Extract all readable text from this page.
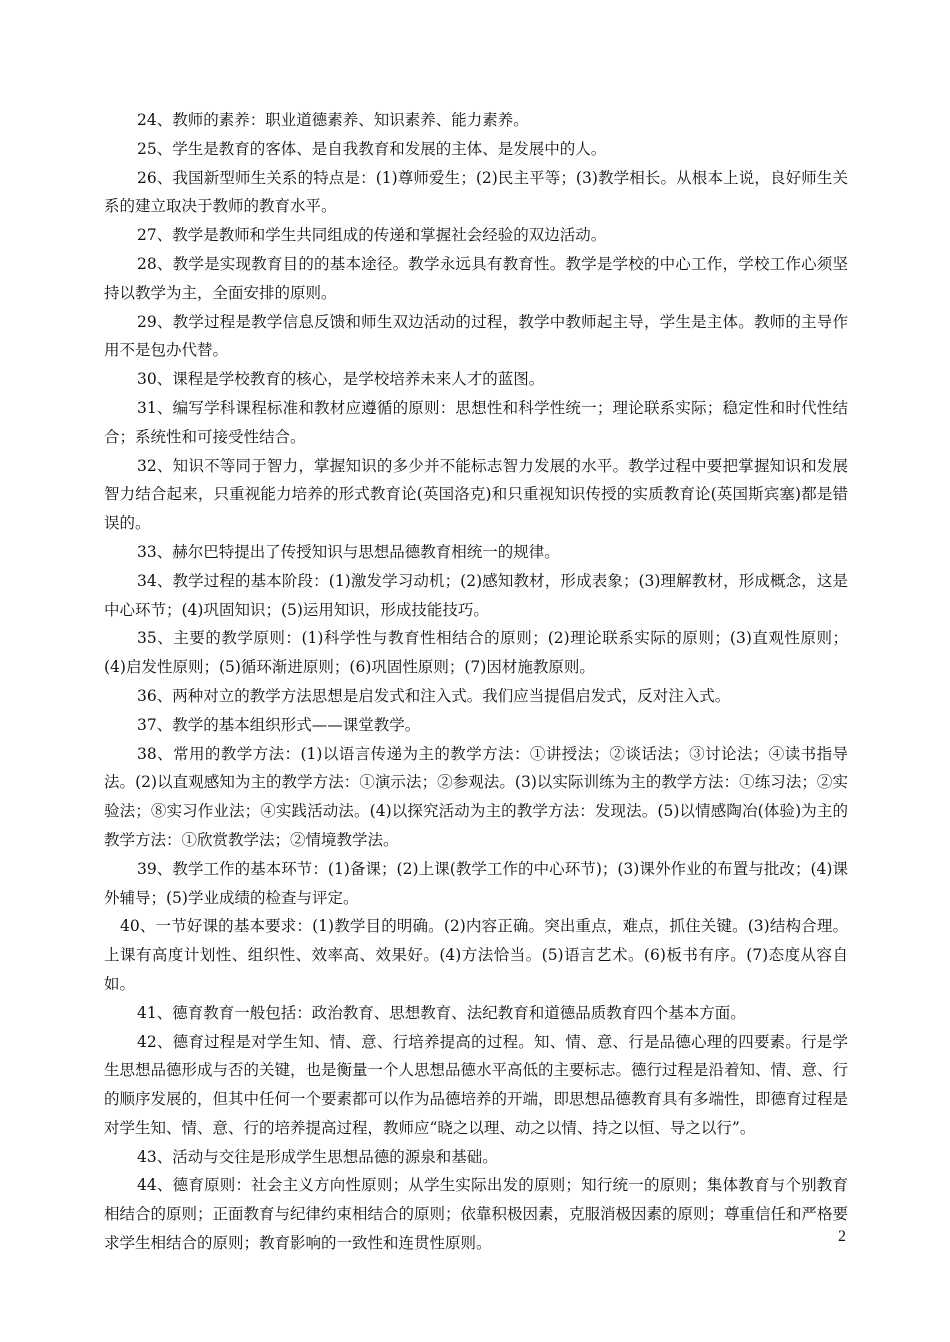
24、教师的素养：职业道德素养、知识素养、能力素养。

25、学生是教育的客体、是自我教育和发展的主体、是发展中的人。

26、我国新型师生关系的特点是：(1)尊师爱生；(2)民主平等；(3)教学相长。从根本上说，良好师生关系的建立取决于教师的教育水平。

27、教学是教师和学生共同组成的传递和掌握社会经验的双边活动。

28、教学是实现教育目的的基本途径。教学永远具有教育性。教学是学校的中心工作，学校工作心须坚持以教学为主，全面安排的原则。

29、教学过程是教学信息反馈和师生双边活动的过程，教学中教师起主导，学生是主体。教师的主导作用不是包办代替。

30、课程是学校教育的核心，是学校培养未来人才的蓝图。

31、编写学科课程标准和教材应遵循的原则：思想性和科学性统一；理论联系实际；稳定性和时代性结合；系统性和可接受性结合。

32、知识不等同于智力，掌握知识的多少并不能标志智力发展的水平。教学过程中要把掌握知识和发展智力结合起来，只重视能力培养的形式教育论(英国洛克)和只重视知识传授的实质教育论(英国斯宾塞)都是错误的。

33、赫尔巴特提出了传授知识与思想品德教育相统一的规律。

34、教学过程的基本阶段：(1)激发学习动机；(2)感知教材，形成表象；(3)理解教材，形成概念，这是中心环节；(4)巩固知识；(5)运用知识，形成技能技巧。

35、主要的教学原则：(1)科学性与教育性相结合的原则；(2)理论联系实际的原则；(3)直观性原则；(4)启发性原则；(5)循环渐进原则；(6)巩固性原则；(7)因材施教原则。

36、两种对立的教学方法思想是启发式和注入式。我们应当提倡启发式，反对注入式。

37、教学的基本组织形式——课堂教学。

38、常用的教学方法：(1)以语言传递为主的教学方法：①讲授法；②谈话法；③讨论法；④读书指导法。(2)以直观感知为主的教学方法：①演示法；②参观法。(3)以实际训练为主的教学方法：①练习法；②实验法；⑧实习作业法；④实践活动法。(4)以探究活动为主的教学方法：发现法。(5)以情感陶冶(体验)为主的教学方法：①欣赏教学法；②情境教学法。

39、教学工作的基本环节：(1)备课；(2)上课(教学工作的中心环节)；(3)课外作业的布置与批改；(4)课外辅导；(5)学业成绩的检查与评定。

40、一节好课的基本要求：(1)教学目的明确。(2)内容正确。突出重点，难点，抓住关键。(3)结构合理。上课有高度计划性、组织性、效率高、效果好。(4)方法恰当。(5)语言艺术。(6)板书有序。(7)态度从容自如。

41、德育教育一般包括：政治教育、思想教育、法纪教育和道德品质教育四个基本方面。

42、德育过程是对学生知、情、意、行培养提高的过程。知、情、意、行是品德心理的四要素。行是学生思想品德形成与否的关键，也是衡量一个人思想品德水平高低的主要标志。德行过程是沿着知、情、意、行的顺序发展的，但其中任何一个要素都可以作为品德培养的开端，即思想品德教育具有多端性，即德育过程是对学生知、情、意、行的培养提高过程，教师应“晓之以理、动之以情、持之以恒、导之以行”。

43、活动与交往是形成学生思想品德的源泉和基础。

44、德育原则：社会主义方向性原则；从学生实际出发的原则；知行统一的原则；集体教育与个别教育相结合的原则；正面教育与纪律约束相结合的原则；依靠积极因素，克服消极因素的原则；尊重信任和严格要求学生相结合的原则；教育影响的一致性和连贯性原则。	2
